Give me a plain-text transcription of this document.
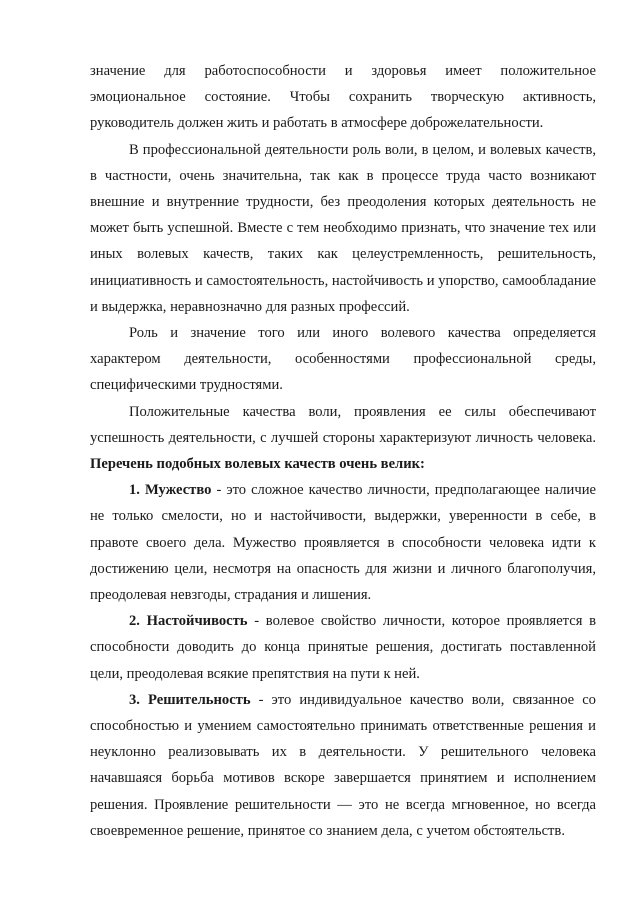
значение для работоспособности и здоровья имеет положительное эмоциональное состояние. Чтобы сохранить творческую активность, руководитель должен жить и работать в атмосфере доброжелательности.

В профессиональной деятельности роль воли, в целом, и волевых качеств, в частности, очень значительна, так как в процессе труда часто возникают внешние и внутренние трудности, без преодоления которых деятельность не может быть успешной. Вместе с тем необходимо признать, что значение тех или иных волевых качеств, таких как целеустремленность, решительность, инициативность и самостоятельность, настойчивость и упорство, самообладание и выдержка, неравнозначно для разных профессий.

Роль и значение того или иного волевого качества определяется характером деятельности, особенностями профессиональной среды, специфическими трудностями.

Положительные качества воли, проявления ее силы обеспечивают успешность деятельности, с лучшей стороны характеризуют личность человека. Перечень подобных волевых качеств очень велик:

1. Мужество - это сложное качество личности, предполагающее наличие не только смелости, но и настойчивости, выдержки, уверенности в себе, в правоте своего дела. Мужество проявляется в способности человека идти к достижению цели, несмотря на опасность для жизни и личного благополучия, преодолевая невзгоды, страдания и лишения.

2. Настойчивость - волевое свойство личности, которое проявляется в способности доводить до конца принятые решения, достигать поставленной цели, преодолевая всякие препятствия на пути к ней.

3. Решительность - это индивидуальное качество воли, связанное со способностью и умением самостоятельно принимать ответственные решения и неуклонно реализовывать их в деятельности. У решительного человека начавшаяся борьба мотивов вскоре завершается принятием и исполнением решения. Проявление решительности — это не всегда мгновенное, но всегда своевременное решение, принятое со знанием дела, с учетом обстоятельств.
